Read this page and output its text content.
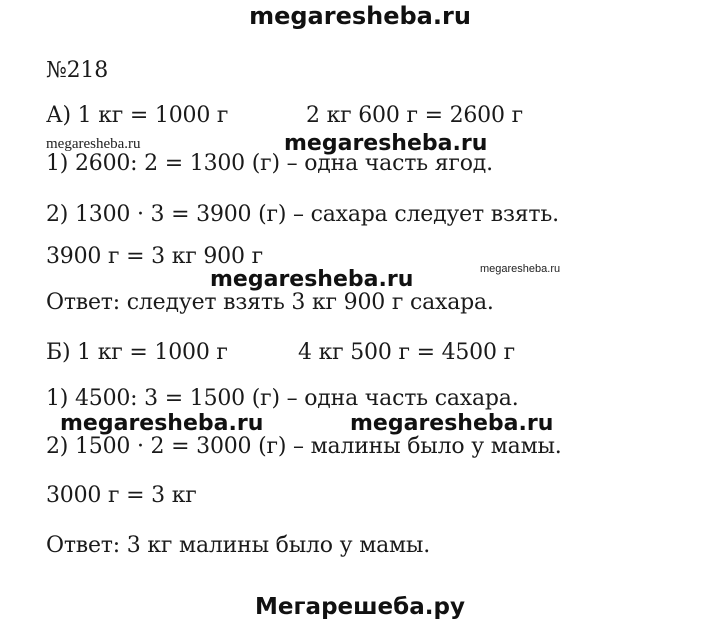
megaresheba.ru
№218
А) 1 кг = 1000 г	2 кг 600 г = 2600 г
megaresheba.ru	megaresheba.ru
1) 2600: 2 = 1300 (г) – одна часть ягод.
2) 1300 · 3 = 3900 (г) – сахара следует взять.
3900 г = 3 кг 900 г
megaresheba.ru	megaresheba.ru
Ответ: следует взять 3 кг 900 г сахара.
Б) 1 кг = 1000 г	4 кг 500 г = 4500 г
1) 4500: 3 = 1500 (г) – одна часть сахара.
megaresheba.ru	megaresheba.ru
2) 1500 · 2 = 3000 (г) – малины было у мамы.
3000 г = 3 кг
Ответ: 3 кг малины было у мамы.
Мегарешеба.ру
